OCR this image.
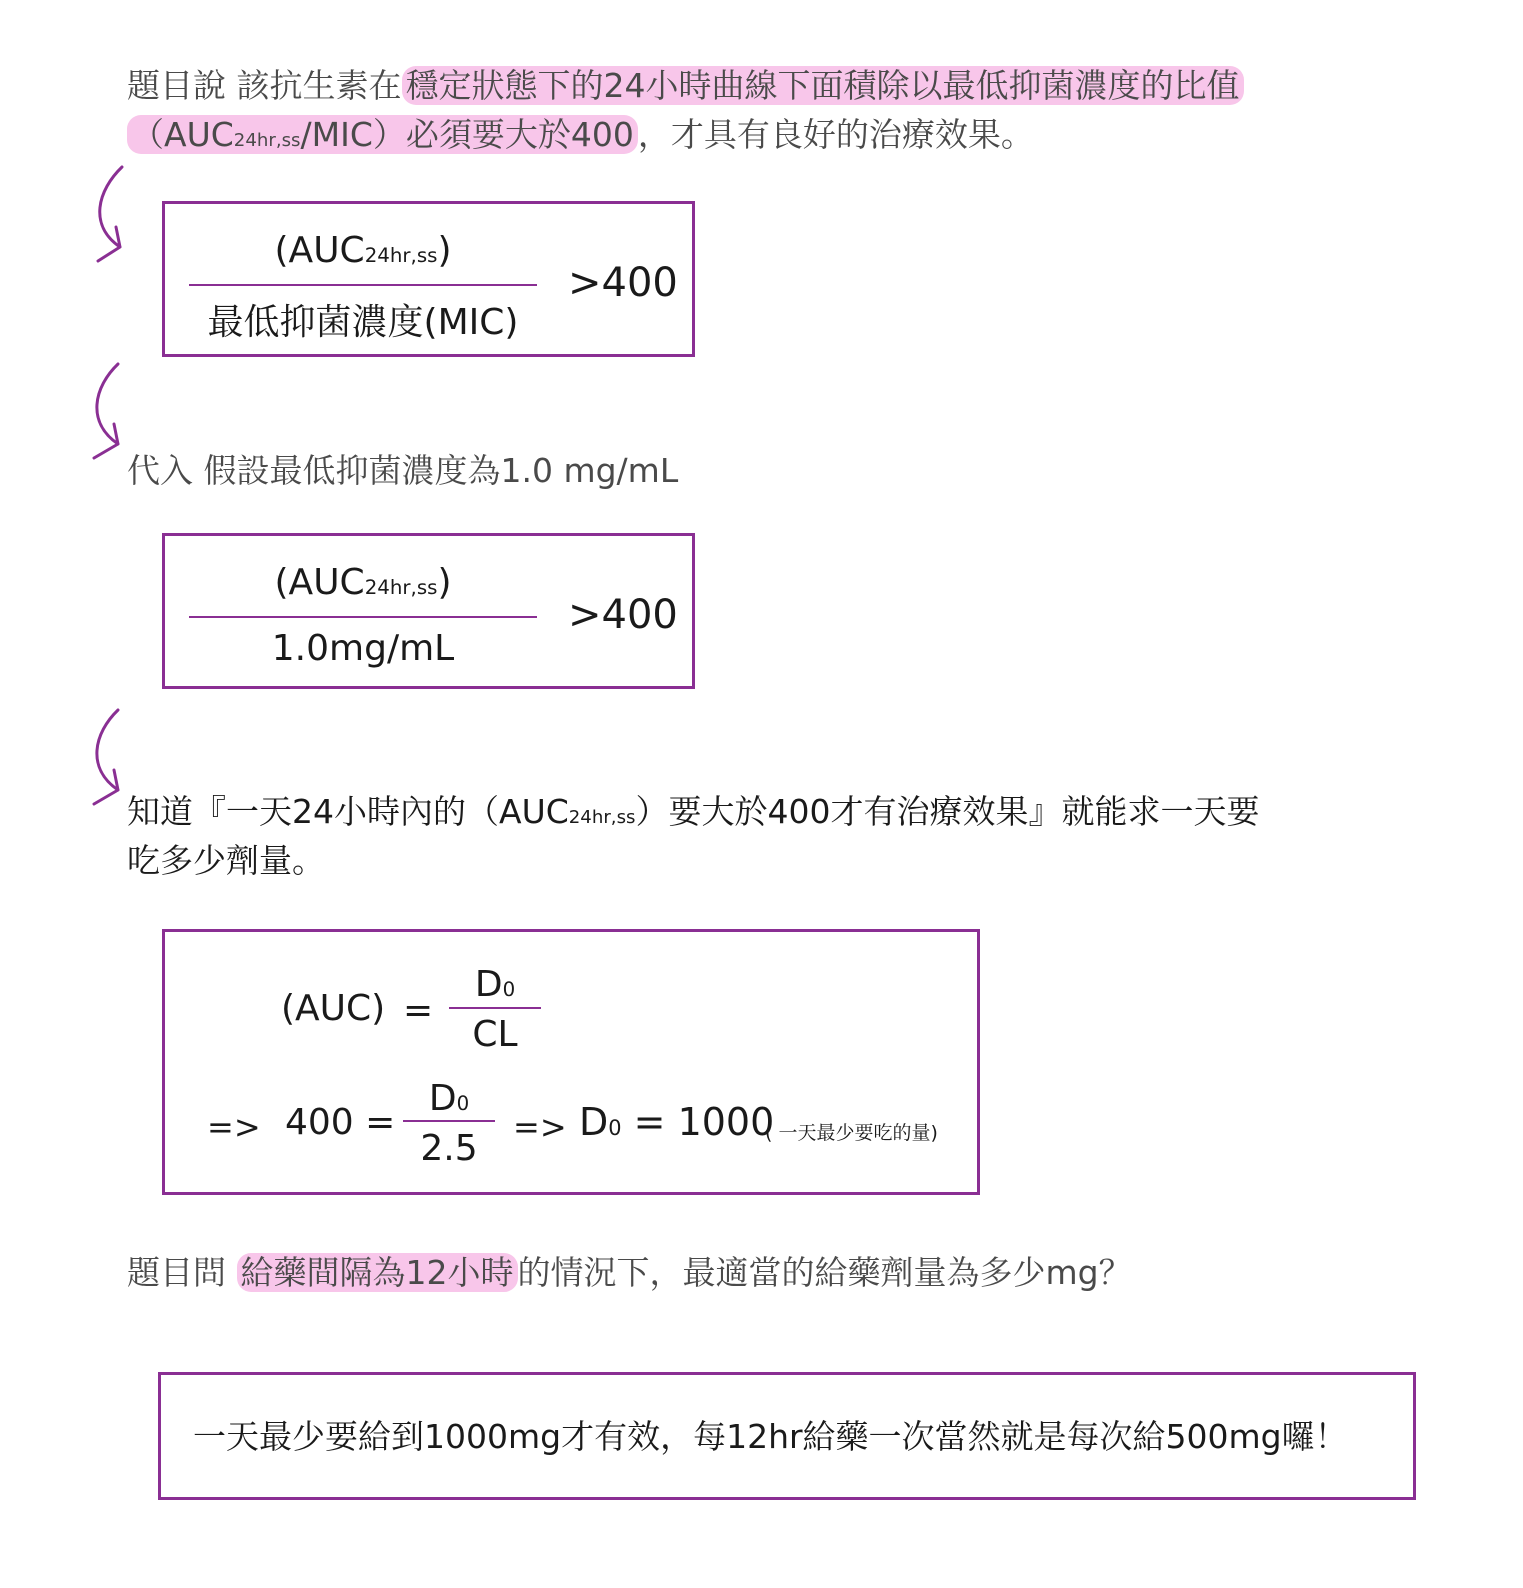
題目說 該抗生素在 穩定狀態下的24小時曲線下面積除以最低抑菌濃度的比值
（AUC24hr,ss/MIC）必須要大於400 ，才具有良好的治療效果。
(AUC24hr,ss)
最低抑菌濃度(MIC)
>400
代入 假設最低抑菌濃度為1.0 mg/mL
(AUC24hr,ss)
1.0mg/mL
>400
知道『一天24小時內的（AUC24hr,ss）要大於400才有治療效果』就能求一天要
吃多少劑量。
(AUC) =
D0
CL
=> 400 =
D0
2.5
=> D0 = 1000
( 一天最少要吃的量)
題目問 給藥間隔為12小時 的情況下，最適當的給藥劑量為多少mg？
一天最少要給到1000mg才有效，每12hr給藥一次當然就是每次給500mg囉！
